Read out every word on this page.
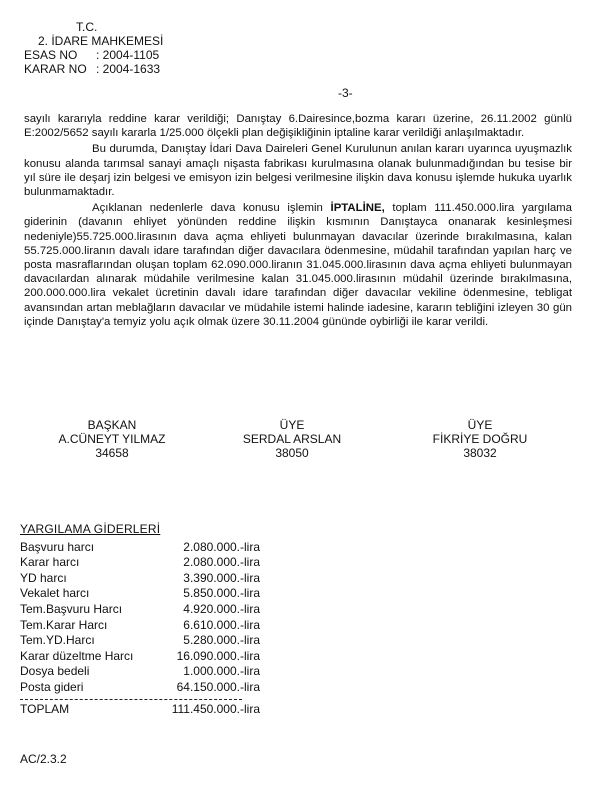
T.C.
2. İDARE MAHKEMESİ
ESAS NO	: 2004-1105
KARAR NO : 2004-1633
-3-

sayılı kararıyla reddine karar verildiği; Danıştay 6.Dairesince,bozma kararı üzerine, 26.11.2002 günlü E:2002/5652 sayılı kararla 1/25.000 ölçekli plan değişikliğinin iptaline karar verildiği anlaşılmaktadır.

Bu durumda, Danıştay İdari Dava Daireleri Genel Kurulunun anılan kararı uyarınca uyuşmazlık konusu alanda tarımsal sanayi amaçlı nişasta fabrikası kurulmasına olanak bulunmadığından bu tesise bir yıl süre ile deşarj izin belgesi ve emisyon izin belgesi verilmesine ilişkin dava konusu işlemde hukuka uyarlık bulunmamaktadır.

Açıklanan nedenlerle dava konusu işlemin İPTALİNE, toplam 111.450.000.lira yargılama giderinin (davanın ehliyet yönünden reddine ilişkin kısmının Danıştayca onanarak kesinleşmesi nedeniyle)55.725.000.lirasının dava açma ehliyeti bulunmayan davacılar üzerinde bırakılmasına, kalan 55.725.000.liranın davalı idare tarafından diğer davacılara ödenmesine, müdahil tarafından yapılan harç ve posta masraflarından oluşan toplam 62.090.000.liranın 31.045.000.lirasının dava açma ehliyeti bulunmayan davacılardan alınarak müdahile verilmesine kalan 31.045.000.lirasının müdahil üzerinde bırakılmasına, 200.000.000.lira vekalet ücretinin davalı idare tarafından diğer davacılar vekiline ödenmesine, tebligat avansından artan meblağların davacılar ve müdahile istemi halinde iadesine, kararın tebliğini izleyen 30 gün içinde Danıştay'a temyiz yolu açık olmak üzere 30.11.2004 gününde oybirliği ile karar verildi.

BAŞKAN
A.CÜNEYT YILMAZ
34658
ÜYE
SERDAL ARSLAN
38050
ÜYE
FİKRİYE DOĞRU
38032
YARGILAMA GİDERLERİ
Başvuru harcı	2.080.000.-lira
Karar harcı	2.080.000.-lira
YD harcı	3.390.000.-lira
Vekalet harcı	5.850.000.-lira
Tem.Başvuru Harcı	4.920.000.-lira
Tem.Karar Harcı	6.610.000.-lira
Tem.YD.Harcı	5.280.000.-lira
Karar düzeltme Harcı	16.090.000.-lira
Dosya bedeli	1.000.000.-lira
Posta gideri	64.150.000.-lira
TOPLAM	111.450.000.-lira
AC/2.3.2
